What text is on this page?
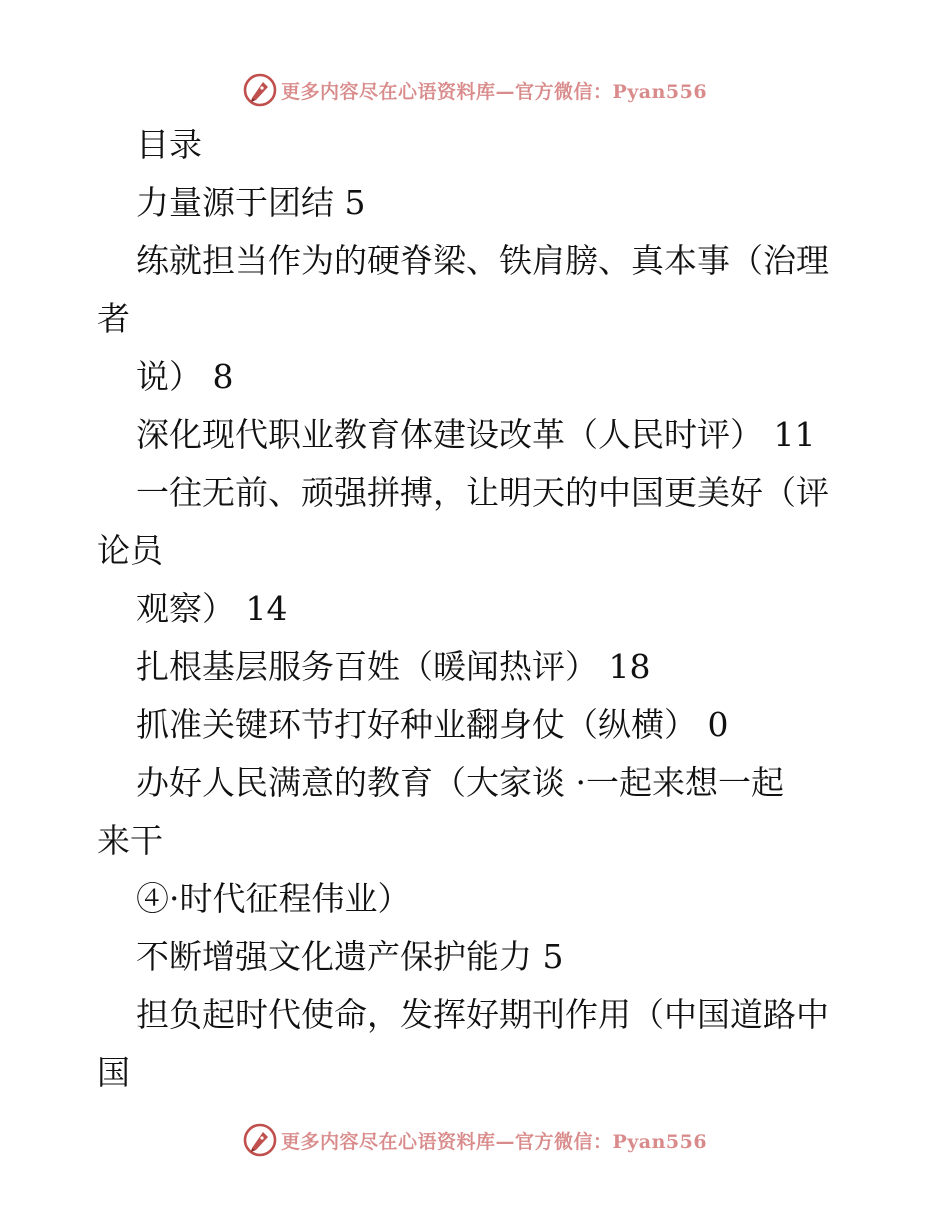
更多内容尽在心语资料库—官方微信：Pyan556
目录
力量源于团结 5
练就担当作为的硬脊梁、铁肩膀、真本事（治理
者
说） 8
深化现代职业教育体建设改革（人民时评） 11
一往无前、顽强拼搏，让明天的中国更美好（评
论员
观察） 14
扎根基层服务百姓（暖闻热评） 18
抓准关键环节打好种业翻身仗（纵横） 0
办好人民满意的教育（大家谈 ·一起来想一起
来干
④·时代征程伟业）
不断增强文化遗产保护能力 5
担负起时代使命，发挥好期刊作用（中国道路中
国
更多内容尽在心语资料库—官方微信：Pyan556
